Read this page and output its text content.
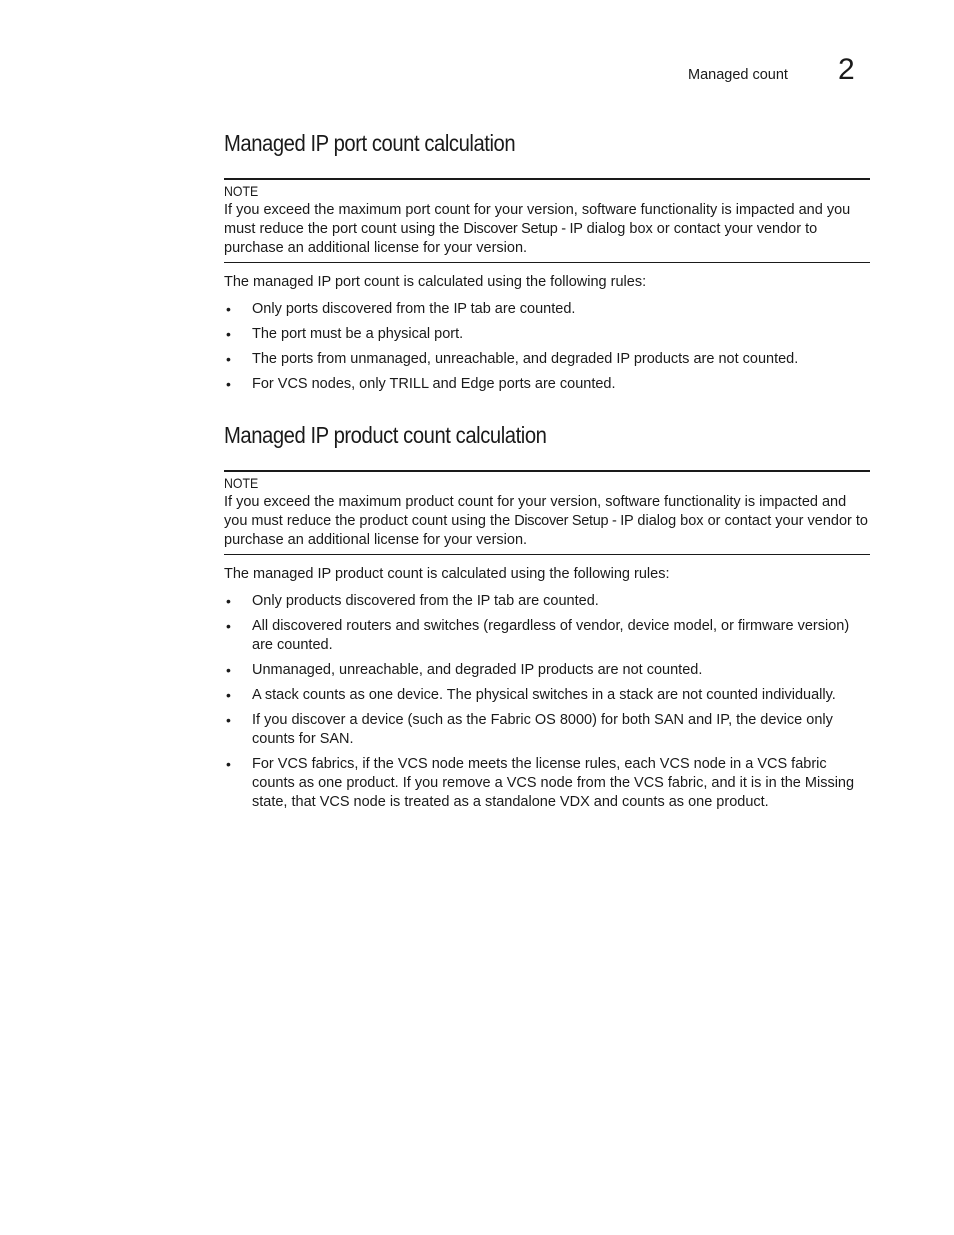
Managed count 2
Managed IP port count calculation
NOTE

If you exceed the maximum port count for your version, software functionality is impacted and you must reduce the port count using the Discover Setup - IP dialog box or contact your vendor to purchase an additional license for your version.

The managed IP port count is calculated using the following rules:

• Only ports discovered from the IP tab are counted.
• The port must be a physical port.
• The ports from unmanaged, unreachable, and degraded IP products are not counted.
• For VCS nodes, only TRILL and Edge ports are counted.
Managed IP product count calculation
NOTE

If you exceed the maximum product count for your version, software functionality is impacted and you must reduce the product count using the Discover Setup - IP dialog box or contact your vendor to purchase an additional license for your version.

The managed IP product count is calculated using the following rules:

• Only products discovered from the IP tab are counted.
• All discovered routers and switches (regardless of vendor, device model, or firmware version) are counted.
• Unmanaged, unreachable, and degraded IP products are not counted.
• A stack counts as one device. The physical switches in a stack are not counted individually.
• If you discover a device (such as the Fabric OS 8000) for both SAN and IP, the device only counts for SAN.
• For VCS fabrics, if the VCS node meets the license rules, each VCS node in a VCS fabric counts as one product. If you remove a VCS node from the VCS fabric, and it is in the Missing state, that VCS node is treated as a standalone VDX and counts as one product.
